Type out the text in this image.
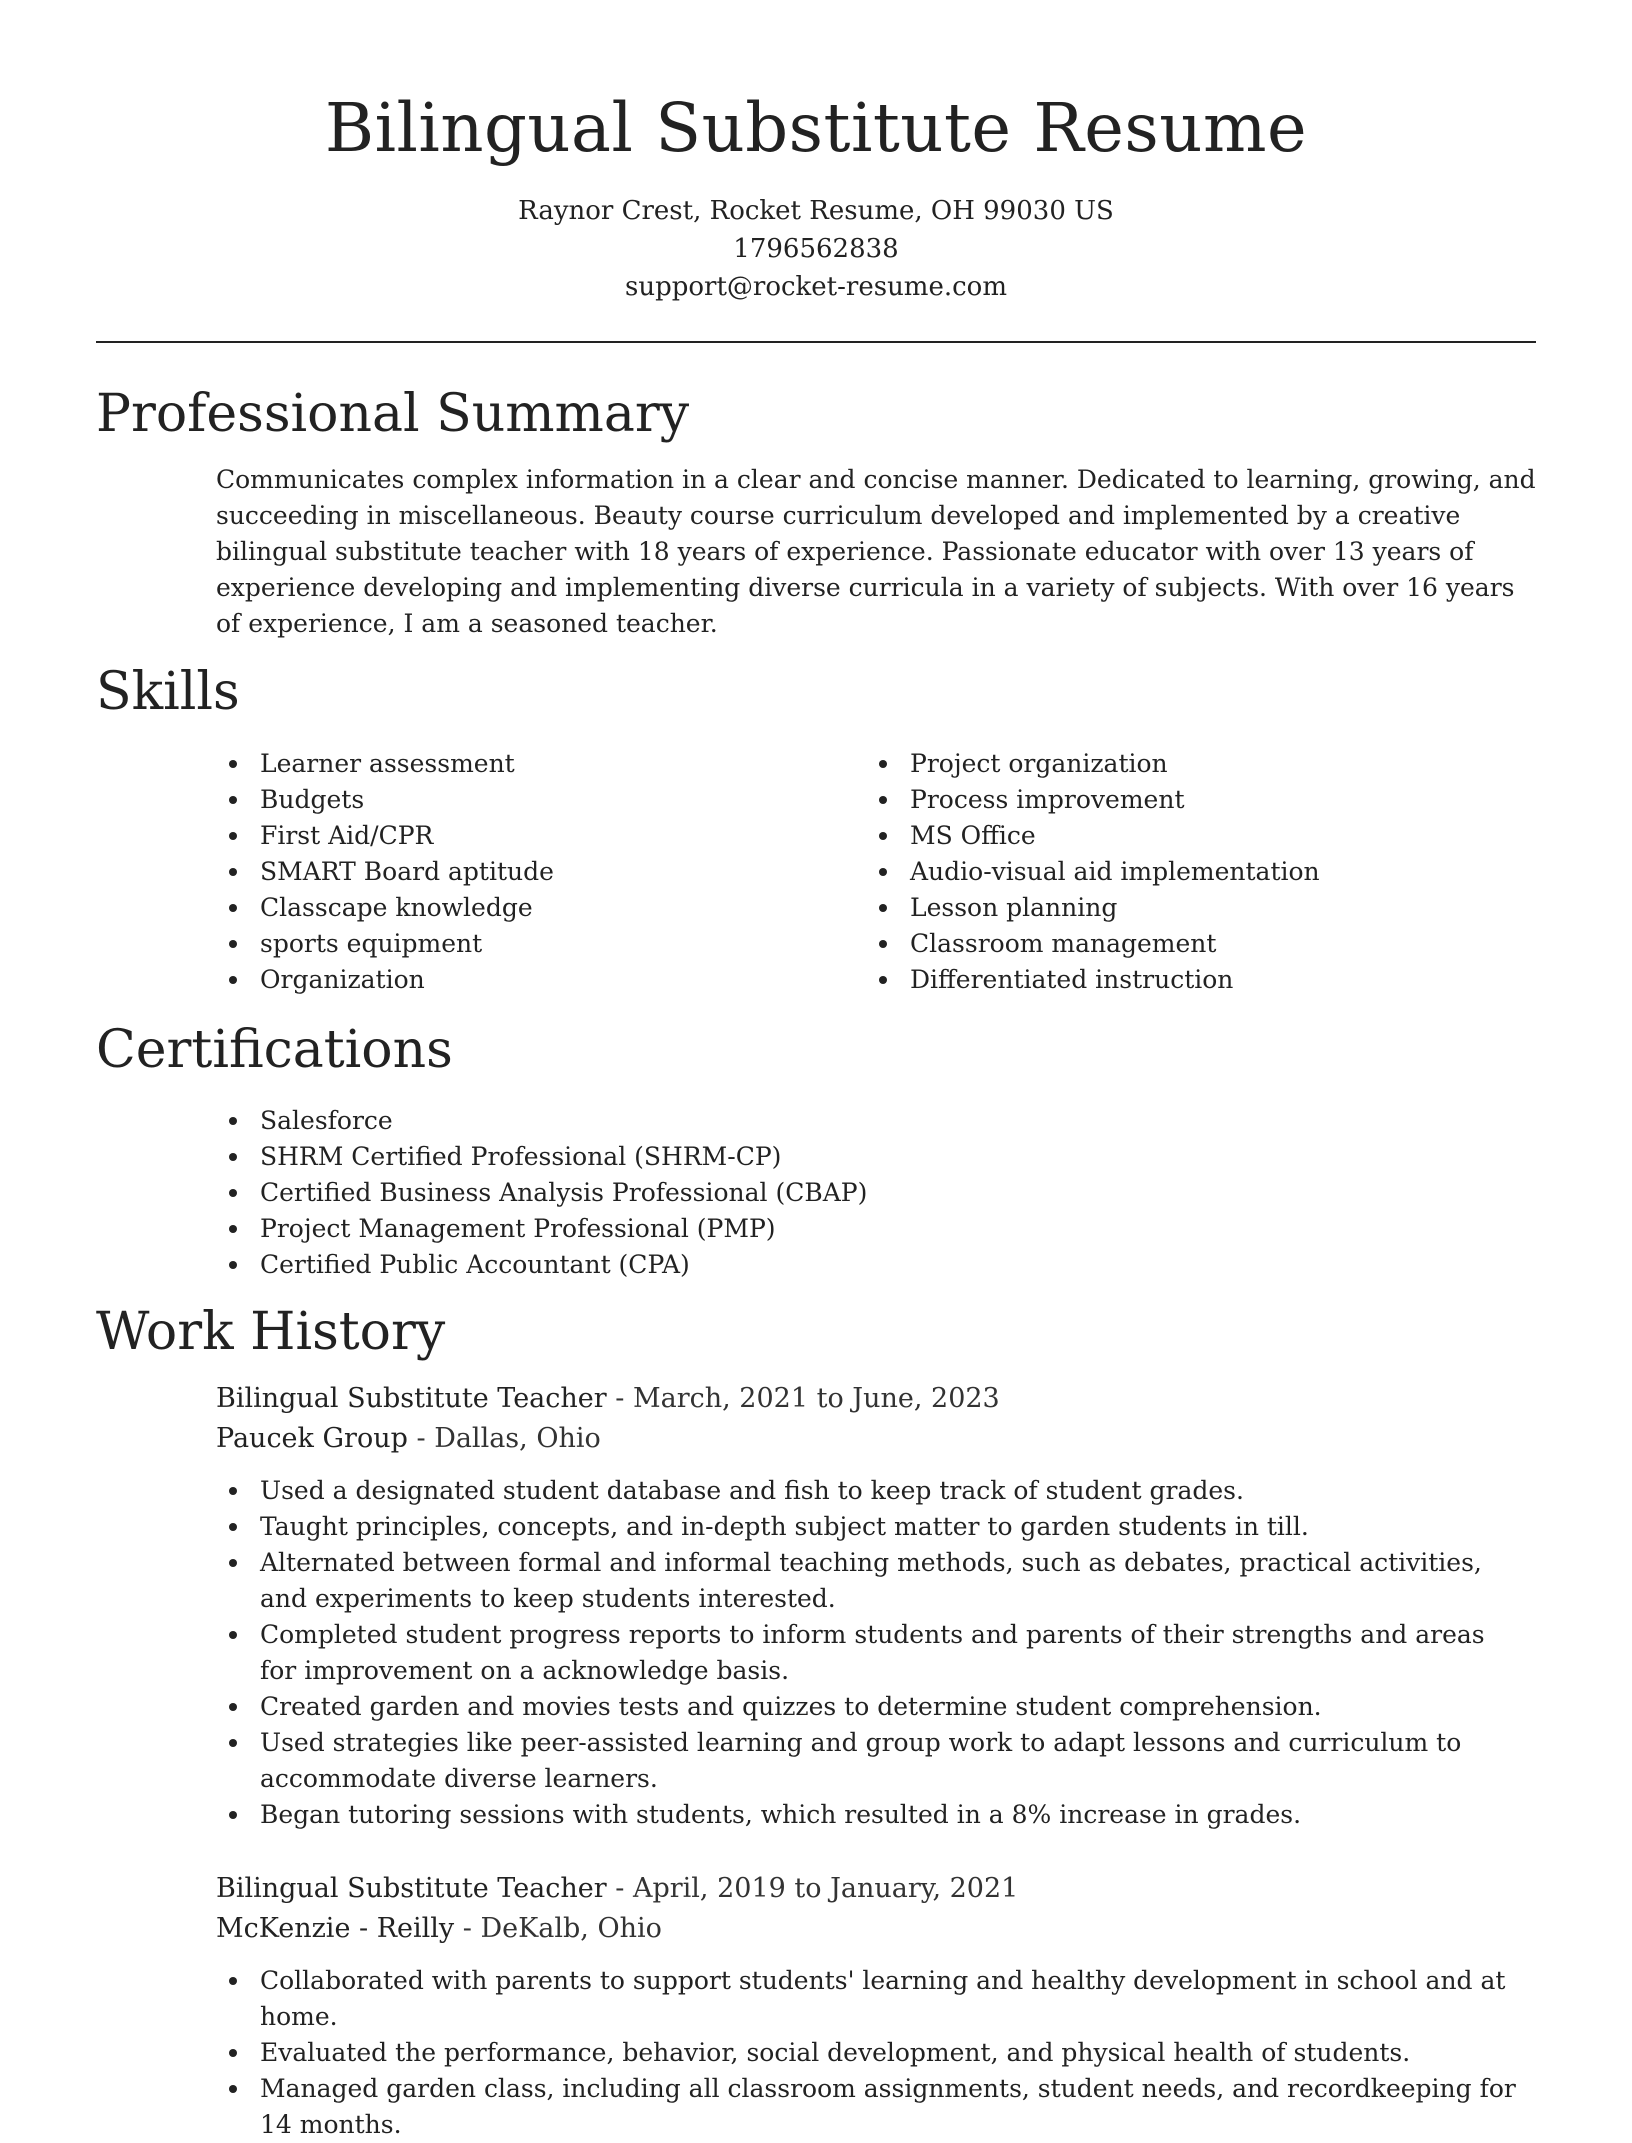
Bilingual Substitute Resume

Raynor Crest, Rocket Resume, OH 99030 US

1796562838

support@rocket-resume.com

Professional Summary

Communicates complex information in a clear and concise manner. Dedicated to learning, growing, and succeeding in miscellaneous. Beauty course curriculum developed and implemented by a creative bilingual substitute teacher with 18 years of experience. Passionate educator with over 13 years of experience developing and implementing diverse curricula in a variety of subjects. With over 16 years of experience, I am a seasoned teacher.

Skills
Learner assessment
Budgets
First Aid/CPR
SMART Board aptitude
Classcape knowledge
sports equipment
Organization
Project organization
Process improvement
MS Office
Audio-visual aid implementation
Lesson planning
Classroom management
Differentiated instruction
Certifications
Salesforce
SHRM Certified Professional (SHRM-CP)
Certified Business Analysis Professional (CBAP)
Project Management Professional (PMP)
Certified Public Accountant (CPA)
Work History

Bilingual Substitute Teacher - March, 2021 to June, 2023

Paucek Group - Dallas, Ohio

Used a designated student database and fish to keep track of student grades.
Taught principles, concepts, and in-depth subject matter to garden students in till.
Alternated between formal and informal teaching methods, such as debates, practical activities, and experiments to keep students interested.
Completed student progress reports to inform students and parents of their strengths and areas for improvement on a acknowledge basis.
Created garden and movies tests and quizzes to determine student comprehension.
Used strategies like peer-assisted learning and group work to adapt lessons and curriculum to accommodate diverse learners.
Began tutoring sessions with students, which resulted in a 8% increase in grades.

Bilingual Substitute Teacher - April, 2019 to January, 2021

McKenzie - Reilly - DeKalb, Ohio

Collaborated with parents to support students' learning and healthy development in school and at home.
Evaluated the performance, behavior, social development, and physical health of students.
Managed garden class, including all classroom assignments, student needs, and recordkeeping for 14 months.
